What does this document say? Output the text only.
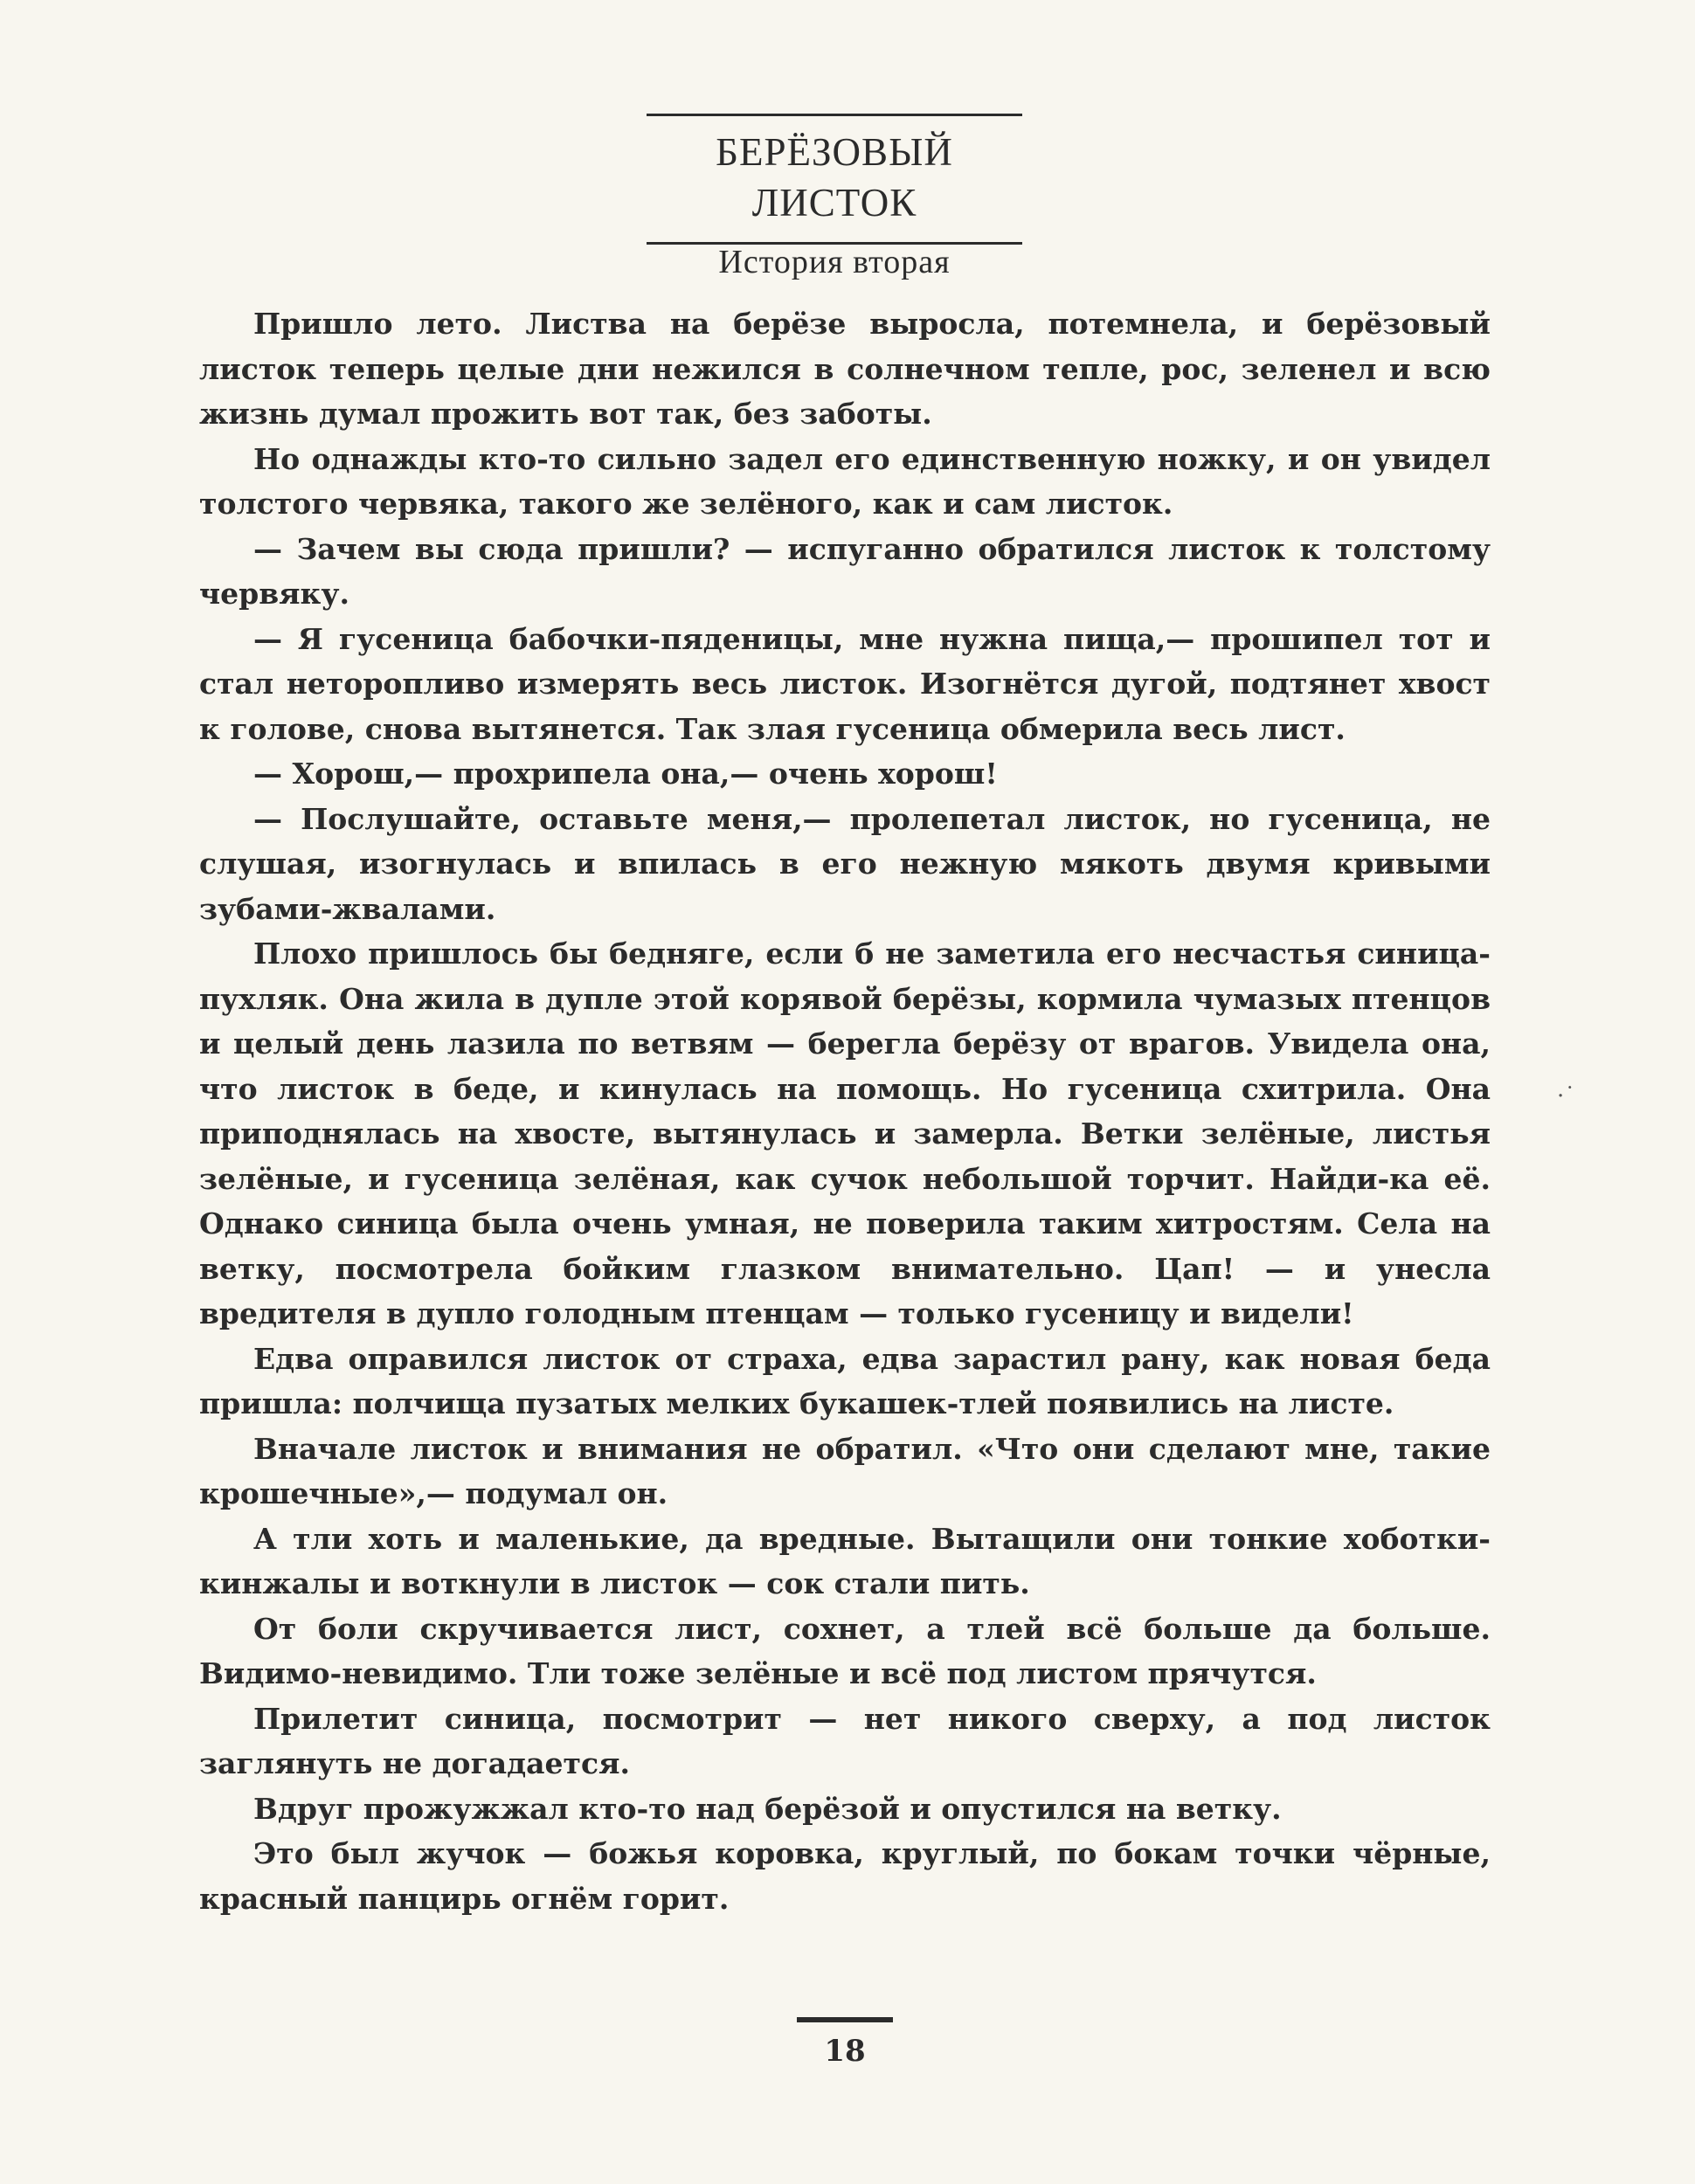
БЕРЁЗОВЫЙ
ЛИСТОК
История вторая

Пришло лето. Листва на берёзе выросла, потемнела, и берёзовый листок теперь целые дни нежился в солнечном тепле, рос, зеленел и всю жизнь думал прожить вот так, без заботы.

Но однажды кто-то сильно задел его единственную ножку, и он увидел толстого червяка, такого же зелёного, как и сам листок.

— Зачем вы сюда пришли? — испуганно обратился листок к толстому червяку.

— Я гусеница бабочки-пяденицы, мне нужна пища,— прошипел тот и стал неторопливо измерять весь листок. Изогнётся дугой, подтянет хвост к голове, снова вытянется. Так злая гусеница обмерила весь лист.

— Хорош,— прохрипела она,— очень хорош!

— Послушайте, оставьте меня,— пролепетал листок, но гусеница, не слушая, изогнулась и впилась в его нежную мякоть двумя кривыми зубами-жвалами.

Плохо пришлось бы бедняге, если б не заметила его несчастья синица-пухляк. Она жила в дупле этой корявой берёзы, кормила чумазых птенцов и целый день лазила по ветвям — берегла берёзу от врагов. Увидела она, что листок в беде, и кинулась на помощь. Но гусеница схитрила. Она приподнялась на хвосте, вытянулась и замерла. Ветки зелёные, листья зелёные, и гусеница зелёная, как сучок небольшой торчит. Найди-ка её. Однако синица была очень умная, не поверила таким хитростям. Села на ветку, посмотрела бойким глазком внимательно. Цап! — и унесла вредителя в дупло голодным птенцам — только гусеницу и видели!

Едва оправился листок от страха, едва зарастил рану, как новая беда пришла: полчища пузатых мелких букашек-тлей появились на листе.

Вначале листок и внимания не обратил. «Что они сделают мне, такие крошечные»,— подумал он.

А тли хоть и маленькие, да вредные. Вытащили они тонкие хоботки-кинжалы и воткнули в листок — сок стали пить.

От боли скручивается лист, сохнет, а тлей всё больше да больше. Видимо-невидимо. Тли тоже зелёные и всё под листом прячутся.

Прилетит синица, посмотрит — нет никого сверху, а под листок заглянуть не догадается.

Вдруг прожужжал кто-то над берёзой и опустился на ветку.

Это был жучок — божья коровка, круглый, по бокам точки чёрные, красный панцирь огнём горит.

·˙
18
